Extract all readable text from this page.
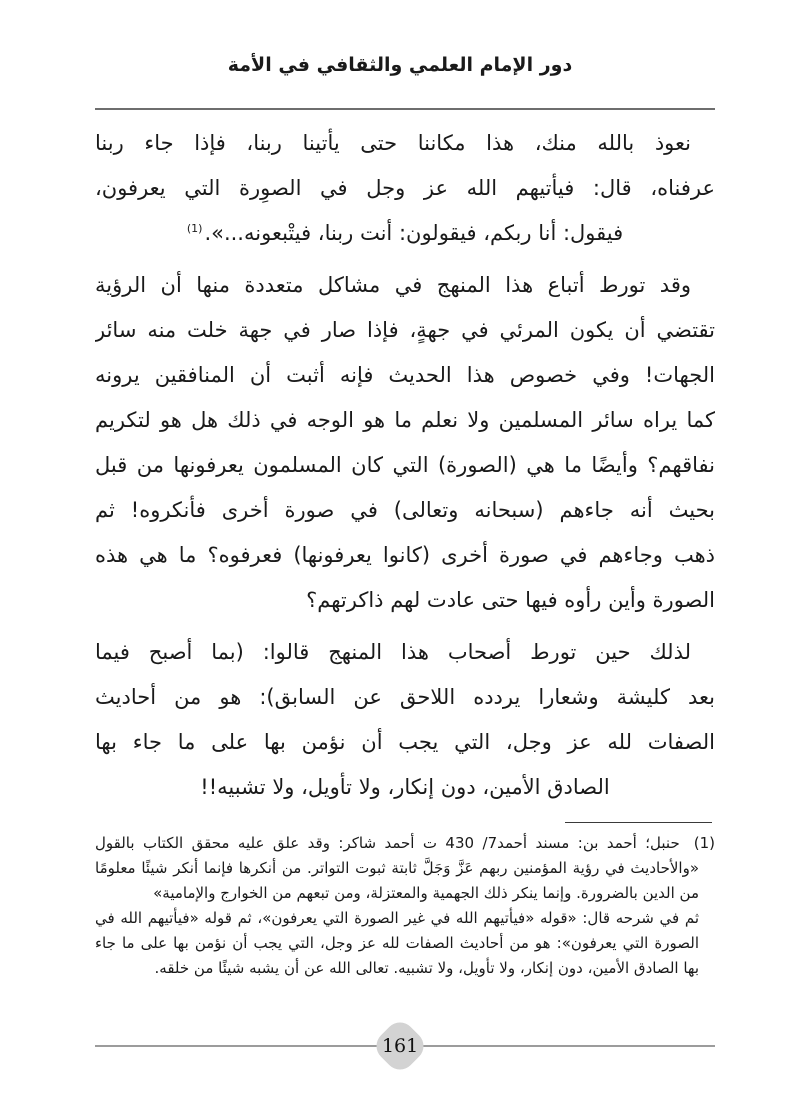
دور الإمام العلمي والثقافي في الأمة
نعوذ بالله منك، هذا مكاننا حتى يأتينا ربنا، فإذا جاء ربنا
عرفناه، قال: فيأتيهم الله عز وجل في الصوِرة التي يعرفون،
فيقول: أنا ربكم، فيقولون: أنت ربنا، فيتْبعونه...».$^{(1)}$
وقد تورط أتباع هذا المنهج في مشاكل متعددة منها أن الرؤية
تقتضي أن يكون المرئي في جهةٍ، فإذا صار في جهة خلت منه سائر
الجهات! وفي خصوص هذا الحديث فإنه أثبت أن المنافقين يرونه
كما يراه سائر المسلمين ولا نعلم ما هو الوجه في ذلك هل هو لتكريم
نفاقهم؟ وأيضًا ما هي (الصورة) التي كان المسلمون يعرفونها من قبل
بحيث أنه جاءهم (سبحانه وتعالى) في صورة أخرى فأنكروه! ثم
ذهب وجاءهم في صورة أخرى (كانوا يعرفونها) فعرفوه؟ ما هي هذه
الصورة وأين رأوه فيها حتى عادت لهم ذاكرتهم؟
لذلك حين تورط أصحاب هذا المنهج قالوا: (بما أصبح فيما
بعد كليشة وشعارا يردده اللاحق عن السابق): هو من أحاديث
الصفات لله عز وجل، التي يجب أن نؤمن بها على ما جاء بها
الصادق الأمين، دون إنكار، ولا تأويل، ولا تشبيه!!
(1)حنبل؛ أحمد بن: مسند أحمد7/ 430 ت أحمد شاكر: وقد علق عليه محقق الكتاب بالقول
«والأحاديث في رؤية المؤمنين ربهم عَزَّ وَجَلَّ ثابتة ثبوت التواتر. من أنكرها فإنما أنكر شيئًا معلومًا
من الدين بالضرورة. وإنما ينكر ذلك الجهمية والمعتزلة، ومن تبعهم من الخوارج والإمامية»
ثم في شرحه قال: «قوله «فيأتيهم الله في غير الصورة التي يعرفون»، ثم قوله «فيأتيهم الله في
الصورة التي يعرفون»: هو من أحاديث الصفات لله عز وجل، التي يجب أن نؤمن بها على ما جاء
بها الصادق الأمين، دون إنكار، ولا تأويل، ولا تشبيه. تعالى الله عن أن يشبه شيئًا من خلقه.
161
